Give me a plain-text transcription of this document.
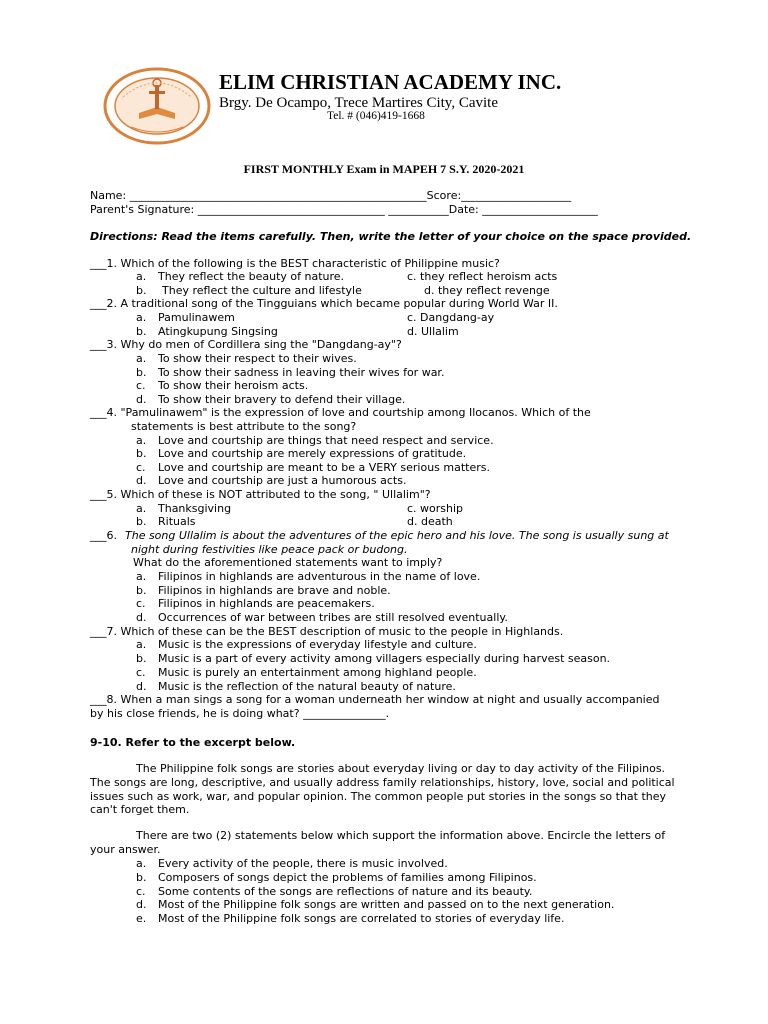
ELIM CHRISTIAN ACADEMY INC.
Brgy. De Ocampo, Trece Martires City, Cavite
Tel. # (046)419-1668
FIRST MONTHLY Exam in MAPEH 7 S.Y. 2020-2021
Name: ______________________________________________________Score:____________________
Parent's Signature: __________________________________ ___________Date: _____________________
Directions: Read the items carefully. Then, write the letter of your choice on the space provided.
___1. Which of the following is the BEST characteristic of Philippine music?
a. They reflect the beauty of nature.	c. they reflect heroism acts
b. They reflect the culture and lifestyle	d. they reflect revenge
___2. A traditional song of the Tingguians which became popular during World War II.
a. Pamulinawem	c. Dangdang-ay
b. Atingkupung Singsing	d. Ullalim
___3. Why do men of Cordillera sing the "Dangdang-ay"?
a. To show their respect to their wives.
b. To show their sadness in leaving their wives for war.
c. To show their heroism acts.
d. To show their bravery to defend their village.
___4. "Pamulinawem" is the expression of love and courtship among Ilocanos. Which of the
statements is best attribute to the song?
a. Love and courtship are things that need respect and service.
b. Love and courtship are merely expressions of gratitude.
c. Love and courtship are meant to be a VERY serious matters.
d. Love and courtship are just a humorous acts.
___5. Which of these is NOT attributed to the song, " Ullalim"?
a. Thanksgiving	c. worship
b. Rituals	d. death
___6. The song Ullalim is about the adventures of the epic hero and his love. The song is usually sung at
night during festivities like peace pack or budong.
What do the aforementioned statements want to imply?
a. Filipinos in highlands are adventurous in the name of love.
b. Filipinos in highlands are brave and noble.
c. Filipinos in highlands are peacemakers.
d. Occurrences of war between tribes are still resolved eventually.
___7. Which of these can be the BEST description of music to the people in Highlands.
a. Music is the expressions of everyday lifestyle and culture.
b. Music is a part of every activity among villagers especially during harvest season.
c. Music is purely an entertainment among highland people.
d. Music is the reflection of the natural beauty of nature.
___8. When a man sings a song for a woman underneath her window at night and usually accompanied
by his close friends, he is doing what? _______________.
9-10. Refer to the excerpt below.
The Philippine folk songs are stories about everyday living or day to day activity of the Filipinos.
The songs are long, descriptive, and usually address family relationships, history, love, social and political
issues such as work, war, and popular opinion. The common people put stories in the songs so that they
can't forget them.
There are two (2) statements below which support the information above. Encircle the letters of
your answer.
a. Every activity of the people, there is music involved.
b. Composers of songs depict the problems of families among Filipinos.
c. Some contents of the songs are reflections of nature and its beauty.
d. Most of the Philippine folk songs are written and passed on to the next generation.
e. Most of the Philippine folk songs are correlated to stories of everyday life.
